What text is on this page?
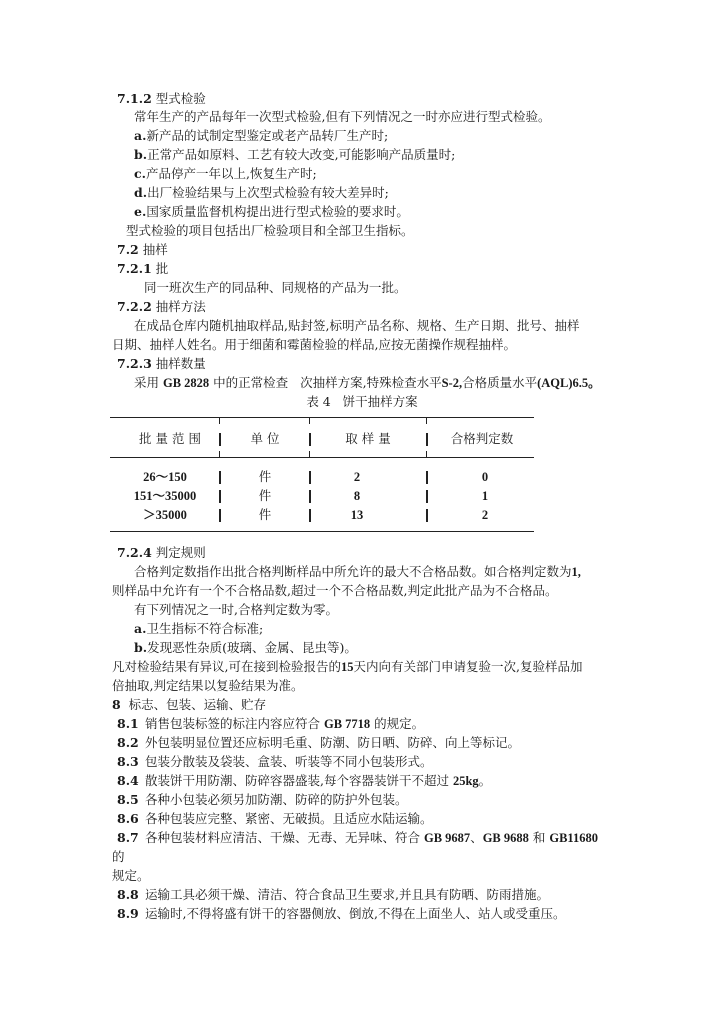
7.1.2 型式检验
常年生产的产品每年一次型式检验,但有下列情况之一时亦应进行型式检验。
a.新产品的试制定型鉴定或老产品转厂生产时;
b.正常产品如原料、工艺有较大改变,可能影响产品质量时;
c.产品停产一年以上,恢复生产时;
d.出厂检验结果与上次型式检验有较大差异时;
e.国家质量监督机构提出进行型式检验的要求时。
型式检验的项目包括出厂检验项目和全部卫生指标。
7.2 抽样
7.2.1 批
同一班次生产的同品种、同规格的产品为一批。
7.2.2 抽样方法
在成品仓库内随机抽取样品,贴封签,标明产品名称、规格、生产日期、批号、抽样
日期、抽样人姓名。用于细菌和霉菌检验的样品,应按无菌操作规程抽样。
7.2.3 抽样数量
采用 GB 2828 中的正常检查 次抽样方案,特殊检查水平S-2,合格质量水平(AQL)6.5。
表 4 饼干抽样方案
批 量 范 围	单 位	取 样 量	合格判定数
26～150	件	2	0
151～35000	件	8	1
＞35000	件	13	2
7.2.4 判定规则
合格判定数指作出批合格判断样品中所允许的最大不合格品数。如合格判定数为1,
则样品中允许有一个不合格品数,超过一个不合格品数,判定此批产品为不合格品。
有下列情况之一时,合格判定数为零。
a.卫生指标不符合标准;
b.发现恶性杂质(玻璃、金属、昆虫等)。
凡对检验结果有异议,可在接到检验报告的15天内向有关部门申请复验一次,复验样品加
倍抽取,判定结果以复验结果为准。
8 标志、包装、运输、贮存
8.1 销售包装标签的标注内容应符合 GB 7718 的规定。
8.2 外包装明显位置还应标明毛重、防潮、防日晒、防碎、向上等标记。
8.3 包装分散装及袋装、盒装、听装等不同小包装形式。
8.4 散装饼干用防潮、防碎容器盛装,每个容器装饼干不超过 25kg。
8.5 各种小包装必须另加防潮、防碎的防护外包装。
8.6 各种包装应完整、紧密、无破损。且适应水陆运输。
8.7 各种包装材料应清洁、干燥、无毒、无异味、符合 GB 9687、GB 9688 和 GB11680
的
规定。
8.8 运输工具必须干燥、清洁、符合食品卫生要求,并且具有防晒、防雨措施。
8.9 运输时,不得将盛有饼干的容器侧放、倒放,不得在上面坐人、站人或受重压。
